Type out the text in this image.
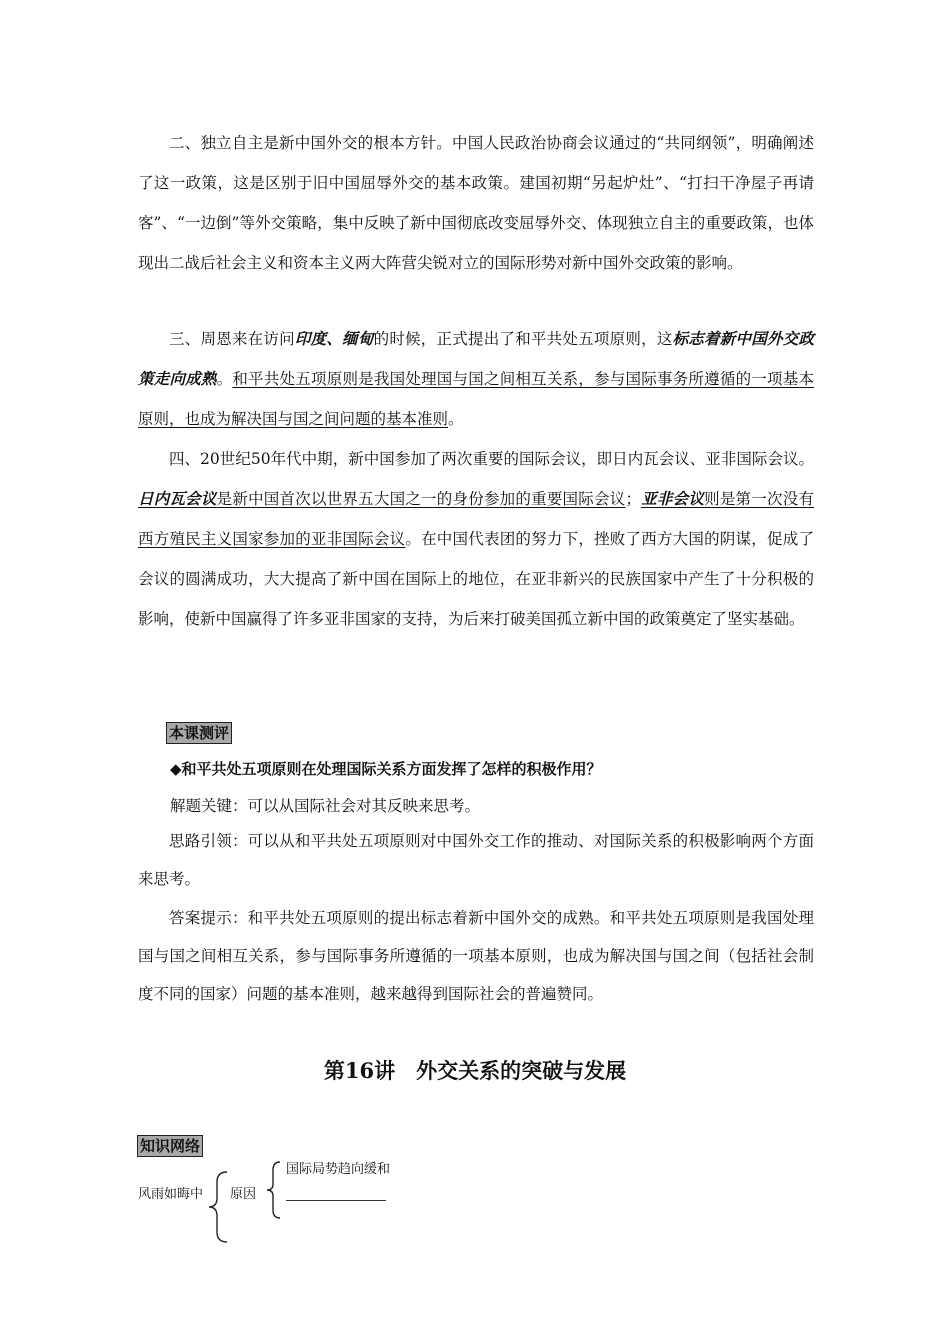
二、独立自主是新中国外交的根本方针。中国人民政治协商会议通过的“共同纲领”，明确阐述了这一政策，这是区别于旧中国屈辱外交的基本政策。建国初期“另起炉灶”、“打扫干净屋子再请客”、“一边倒”等外交策略，集中反映了新中国彻底改变屈辱外交、体现独立自主的重要政策，也体现出二战后社会主义和资本主义两大阵营尖锐对立的国际形势对新中国外交政策的影响。

三、周恩来在访问印度、缅甸的时候，正式提出了和平共处五项原则，这标志着新中国外交政策走向成熟。和平共处五项原则是我国处理国与国之间相互关系，参与国际事务所遵循的一项基本原则，也成为解决国与国之间问题的基本准则。

四、20世纪50年代中期，新中国参加了两次重要的国际会议，即日内瓦会议、亚非国际会议。日内瓦会议是新中国首次以世界五大国之一的身份参加的重要国际会议；亚非会议则是第一次没有西方殖民主义国家参加的亚非国际会议。在中国代表团的努力下，挫败了西方大国的阴谋，促成了会议的圆满成功，大大提高了新中国在国际上的地位，在亚非新兴的民族国家中产生了十分积极的影响，使新中国赢得了许多亚非国家的支持，为后来打破美国孤立新中国的政策奠定了坚实基础。

本课测评

◆和平共处五项原则在处理国际关系方面发挥了怎样的积极作用？

解题关键：可以从国际社会对其反映来思考。

思路引领：可以从和平共处五项原则对中国外交工作的推动、对国际关系的积极影响两个方面来思考。

答案提示：和平共处五项原则的提出标志着新中国外交的成熟。和平共处五项原则是我国处理国与国之间相互关系，参与国际事务所遵循的一项基本原则，也成为解决国与国之间（包括社会制度不同的国家）问题的基本准则，越来越得到国际社会的普遍赞同。

第16讲　外交关系的突破与发展
知识网络

风雨如晦中 原因

国际局势趋向缓和
